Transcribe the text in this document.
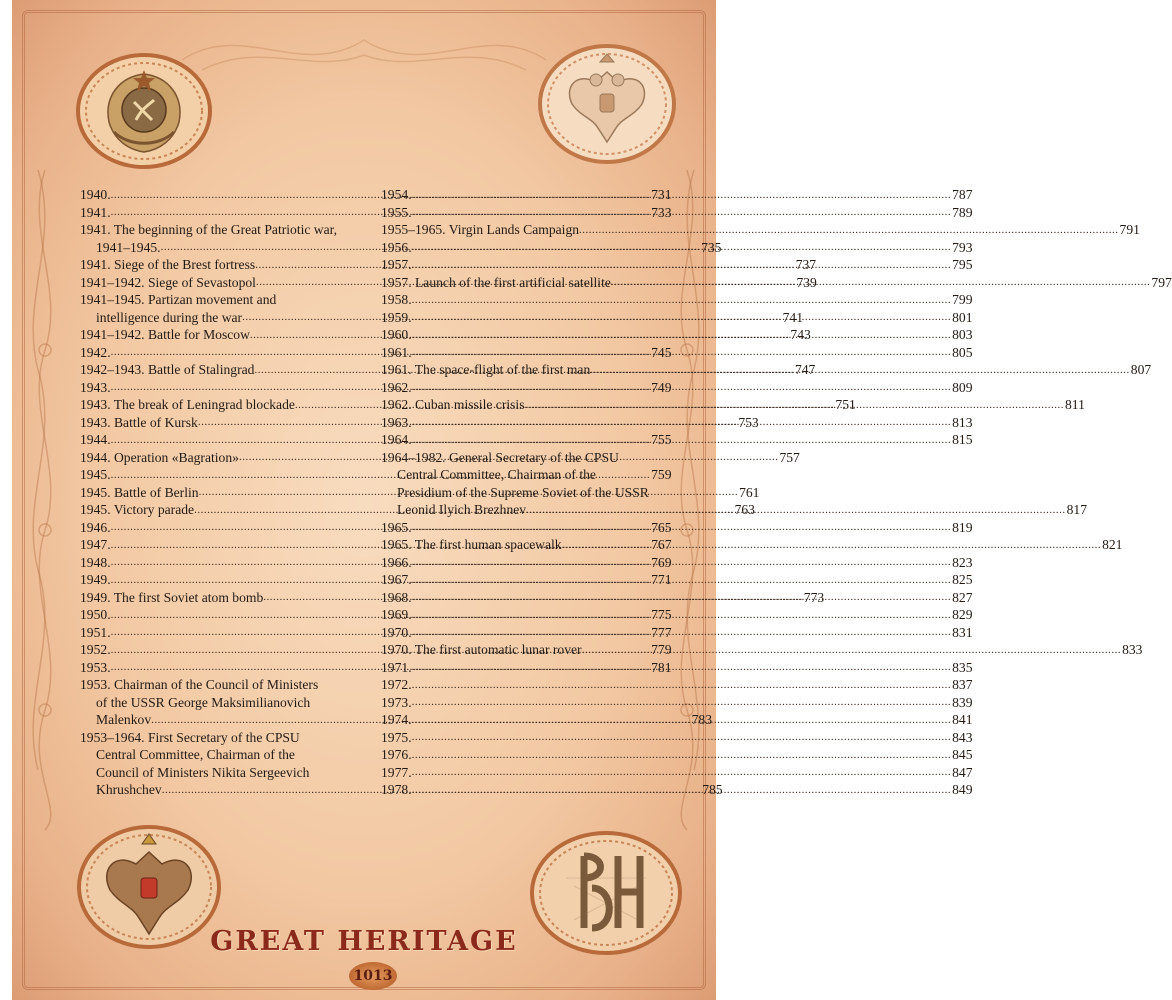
1940. .....	731
1941. .....	733
1941. The beginning of the Great Patriotic war,
1941–1945. .....	735
1941. Siege of the Brest fortress .....	737
1941–1942. Siege of Sevastopol .....	739
1941–1945. Partizan movement and
intelligence during the war .....	741
1941–1942. Battle for Moscow .....	743
1942. .....	745
1942–1943. Battle of Stalingrad .....	747
1943. .....	749
1943. The break of Leningrad blockade .....	751
1943. Battle of Kursk .....	753
1944. .....	755
1944. Operation «Bagration» .....	757
1945. .....	759
1945. Battle of Berlin .....	761
1945. Victory parade .....	763
1946. .....	765
1947. .....	767
1948. .....	769
1949. .....	771
1949. The first Soviet atom bomb .....	773
1950. .....	775
1951. .....	777
1952. .....	779
1953. .....	781
1953. Chairman of the Council of Ministers
of the USSR George Maksimilianovich
Malenkov .....	783
1953–1964. First Secretary of the CPSU
Central Committee, Chairman of the
Council of Ministers Nikita Sergeevich
Khrushchev .....	785
1954. .....	787
1955. .....	789
1955–1965. Virgin Lands Campaign .....	791
1956. .....	793
1957. .....	795
1957. Launch of the first artificial satellite .....	797
1958. .....	799
1959. .....	801
1960. .....	803
1961. .....	805
1961. The space-flight of the first man .....	807
1962. .....	809
1962. Cuban missile crisis .....	811
1963. .....	813
1964. .....	815
1964–1982. General Secretary of the CPSU
Central Committee, Chairman of the
Presidium of the Supreme Soviet of the USSR
Leonid Ilyich Brezhnev .....	817
1965. .....	819
1965. The first human spacewalk .....	821
1966. .....	823
1967. .....	825
1968. .....	827
1969. .....	829
1970. .....	831
1970. The first automatic lunar rover .....	833
1971. .....	835
1972. .....	837
1973. .....	839
1974. .....	841
1975. .....	843
1976. .....	845
1977. .....	847
1978. .....	849
GREAT HERITAGE
1013
